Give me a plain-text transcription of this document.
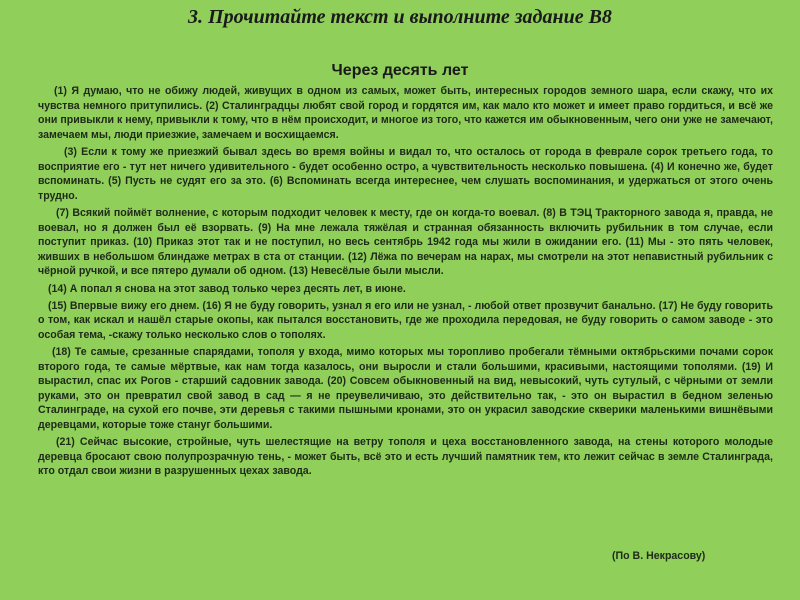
3. Прочитайте текст и выполните задание В8
Через десять лет

(1) Я думаю, что не обижу людей, живущих в одном из самых, может быть, интересных городов земного шара, если скажу, что их чувства немного притупились. (2) Сталинградцы любят свой город и гордятся им, как мало кто может и имеет право гордиться, и всё же они привыкли к нему, привыкли к тому, что в нём происходит, и многое из того, что кажется им обыкновенным, чего они уже не замечают, замечаем мы, люди приезжие, замечаем и восхищаемся.

(3) Если к тому же приезжий бывал здесь во время войны и видал то, что осталось от города в феврале сорок третьего года, то восприятие его - тут нет ничего удивительного - будет особенно остро, а чувствительность несколько повышена. (4) И конечно же, будет вспоминать. (5) Пусть не судят его за это. (6) Вспоминать всегда интереснее, чем слушать воспоминания, и удержаться от этого очень трудно.

(7) Всякий поймёт волнение, с которым подходит человек к месту, где он когда-то воевал. (8) В ТЭЦ Тракторного завода я, правда, не воевал, но я должен был её взорвать. (9) На мне лежала тяжёлая и странная обязанность включить рубильник в том случае, если поступит приказ. (10) Приказ этот так и не поступил, но весь сентябрь 1942 года мы жили в ожидании его. (11) Мы - это пять человек, живших в небольшом блиндаже метрах в ста от станции. (12) Лёжа по вечерам на нарах, мы смотрели на этот непавистный рубильник с чёрной ручкой, и все пятеро думали об одном. (13) Невесёлые были мысли.

(14) А попал я снова на этот завод только через десять лет, в июне.

(15) Впервые вижу его днем. (16) Я не буду говорить, узнал я его или не узнал, - любой ответ прозвучит банально. (17) Не буду говорить о том, как искал и нашёл старые окопы, как пытался восстановить, где же проходила передовая, не буду говорить о самом заводе - это особая тема, -скажу только несколько слов о тополях.

(18) Те самые, срезанные спарядами, тополя у входа, мимо которых мы торопливо пробегали тёмными октябрьскими почами сорок второго года, те самые мёртвые, как нам тогда казалось, они выросли и стали большими, красивыми, настоящими тополями. (19) И вырастил, спас их Рогов - старший садовник завода. (20) Совсем обыкновенный на вид, невысокий, чуть сутулый, с чёрными от земли руками, это он превратил свой завод в сад — я не преувеличиваю, это действительно так, - это он вырастил в бедном зеленью Сталинграде, на сухой его почве, эти деревья с такими пышными кронами, это он украсил заводские скверики маленькими вишнёвыми деревцами, которые тоже стануг большими.

(21) Сейчас высокие, стройные, чуть шелестящие на ветру тополя и цеха восстановленного завода, на стены которого молодые деревца бросают свою полупрозрачную тень, - может быть, всё это и есть лучший памятник тем, кто лежит сейчас в земле Сталинграда, кто отдал свои жизни в разрушенных цехах завода.

(По В. Некрасову)
